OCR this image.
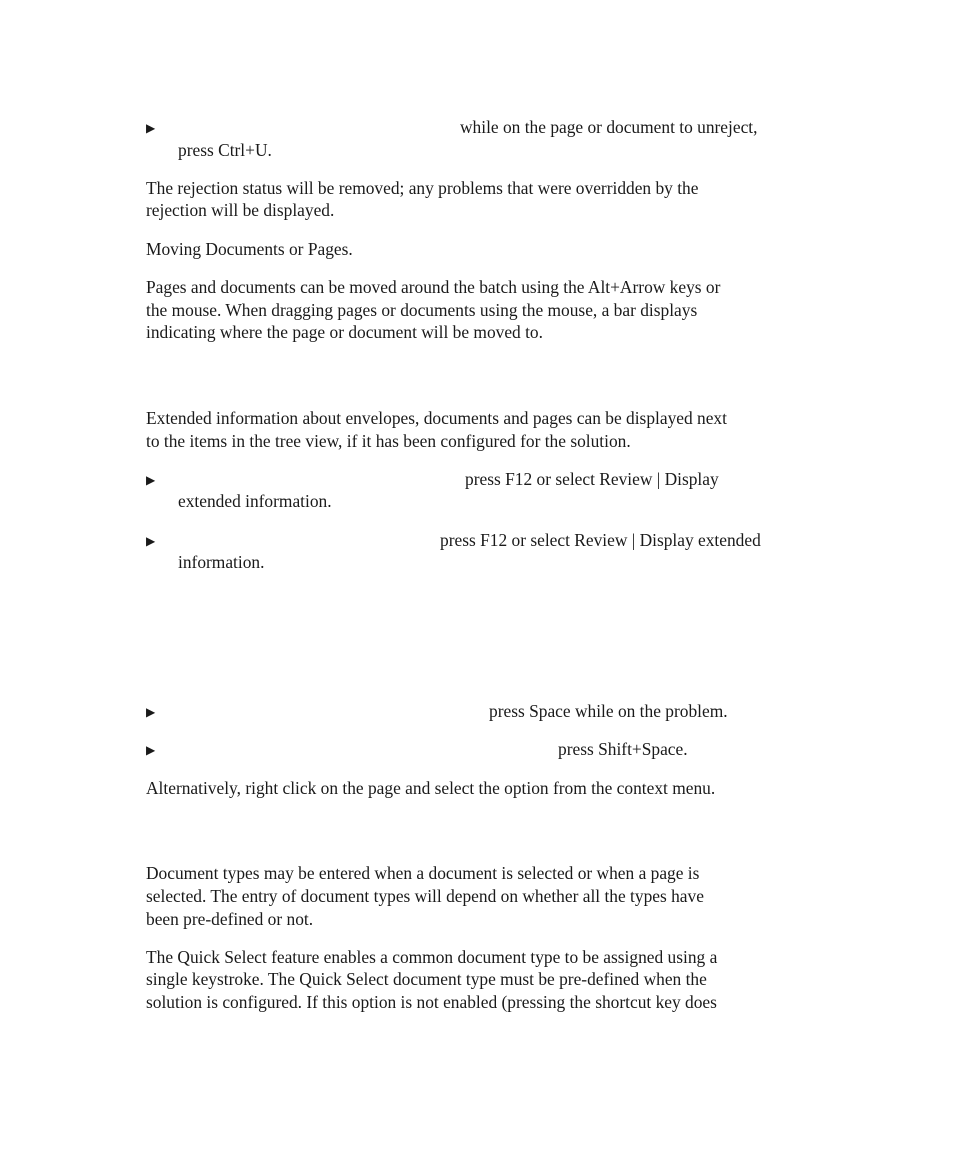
▶	while on the page or document to unreject,
press Ctrl+U.
The rejection status will be removed; any problems that were overridden by the
rejection will be displayed.
Moving Documents or Pages.
Pages and documents can be moved around the batch using the Alt+Arrow keys or
the mouse. When dragging pages or documents using the mouse, a bar displays
indicating where the page or document will be moved to.
Extended information about envelopes, documents and pages can be displayed next
to the items in the tree view, if it has been configured for the solution.
▶	press F12 or select Review | Display
extended information.
▶	press F12 or select Review | Display extended
information.
▶	press Space while on the problem.
▶	press Shift+Space.
Alternatively, right click on the page and select the option from the context menu.
Document types may be entered when a document is selected or when a page is
selected. The entry of document types will depend on whether all the types have
been pre-defined or not.
The Quick Select feature enables a common document type to be assigned using a
single keystroke. The Quick Select document type must be pre-defined when the
solution is configured. If this option is not enabled (pressing the shortcut key does
